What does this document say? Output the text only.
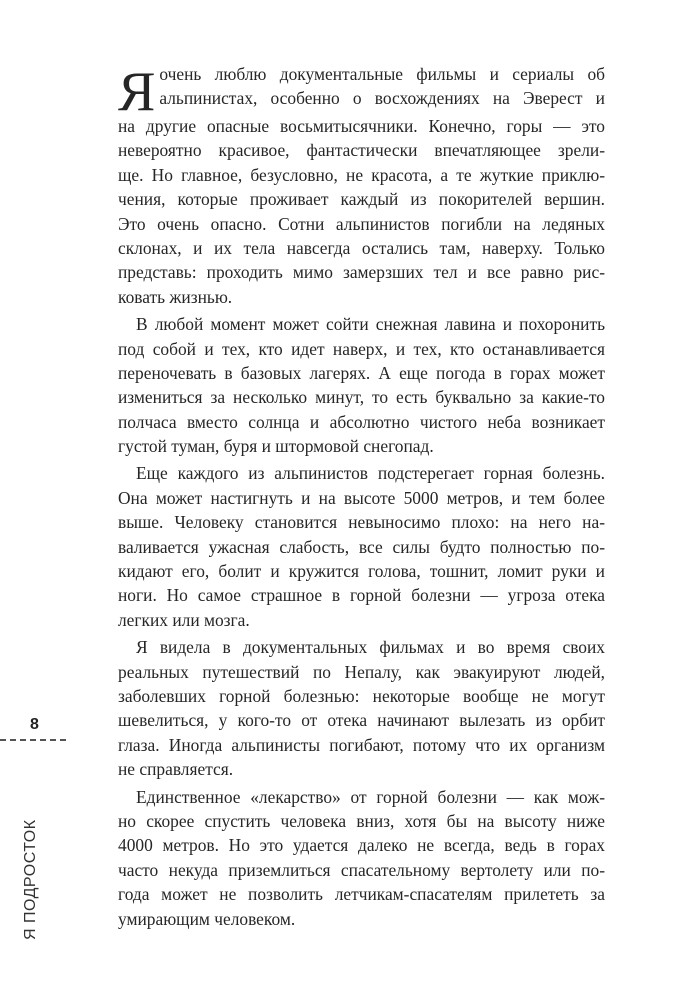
Я очень люблю документальные фильмы и сериалы об
альпинистах, особенно о восхождениях на Эверест и
на другие опасные восьмитысячники. Конечно, горы — это
невероятно красивое, фантастически впечатляющее зрели-
ще. Но главное, безусловно, не красота, а те жуткие приклю-
чения, которые проживает каждый из покорителей вершин.
Это очень опасно. Сотни альпинистов погибли на ледяных
склонах, и их тела навсегда остались там, наверху. Только
представь: проходить мимо замерзших тел и все равно рис-
ковать жизнью.
В любой момент может сойти снежная лавина и похоронить
под собой и тех, кто идет наверх, и тех, кто останавливается
переночевать в базовых лагерях. А еще погода в горах может
измениться за несколько минут, то есть буквально за какие-то
полчаса вместо солнца и абсолютно чистого неба возникает
густой туман, буря и штормовой снегопад.
Еще каждого из альпинистов подстерегает горная болезнь.
Она может настигнуть и на высоте 5000 метров, и тем более
выше. Человеку становится невыносимо плохо: на него на-
валивается ужасная слабость, все силы будто полностью по-
кидают его, болит и кружится голова, тошнит, ломит руки и
ноги. Но самое страшное в горной болезни — угроза отека
легких или мозга.
Я видела в документальных фильмах и во время своих
реальных путешествий по Непалу, как эвакуируют людей,
заболевших горной болезнью: некоторые вообще не могут
шевелиться, у кого-то от отека начинают вылезать из орбит
глаза. Иногда альпинисты погибают, потому что их организм
не справляется.
Единственное «лекарство» от горной болезни — как мож-
но скорее спустить человека вниз, хотя бы на высоту ниже
4000 метров. Но это удается далеко не всегда, ведь в горах
часто некуда приземлиться спасательному вертолету или по-
года может не позволить летчикам-спасателям прилететь за
умирающим человеком.
8
Я ПОДРОСТОК
